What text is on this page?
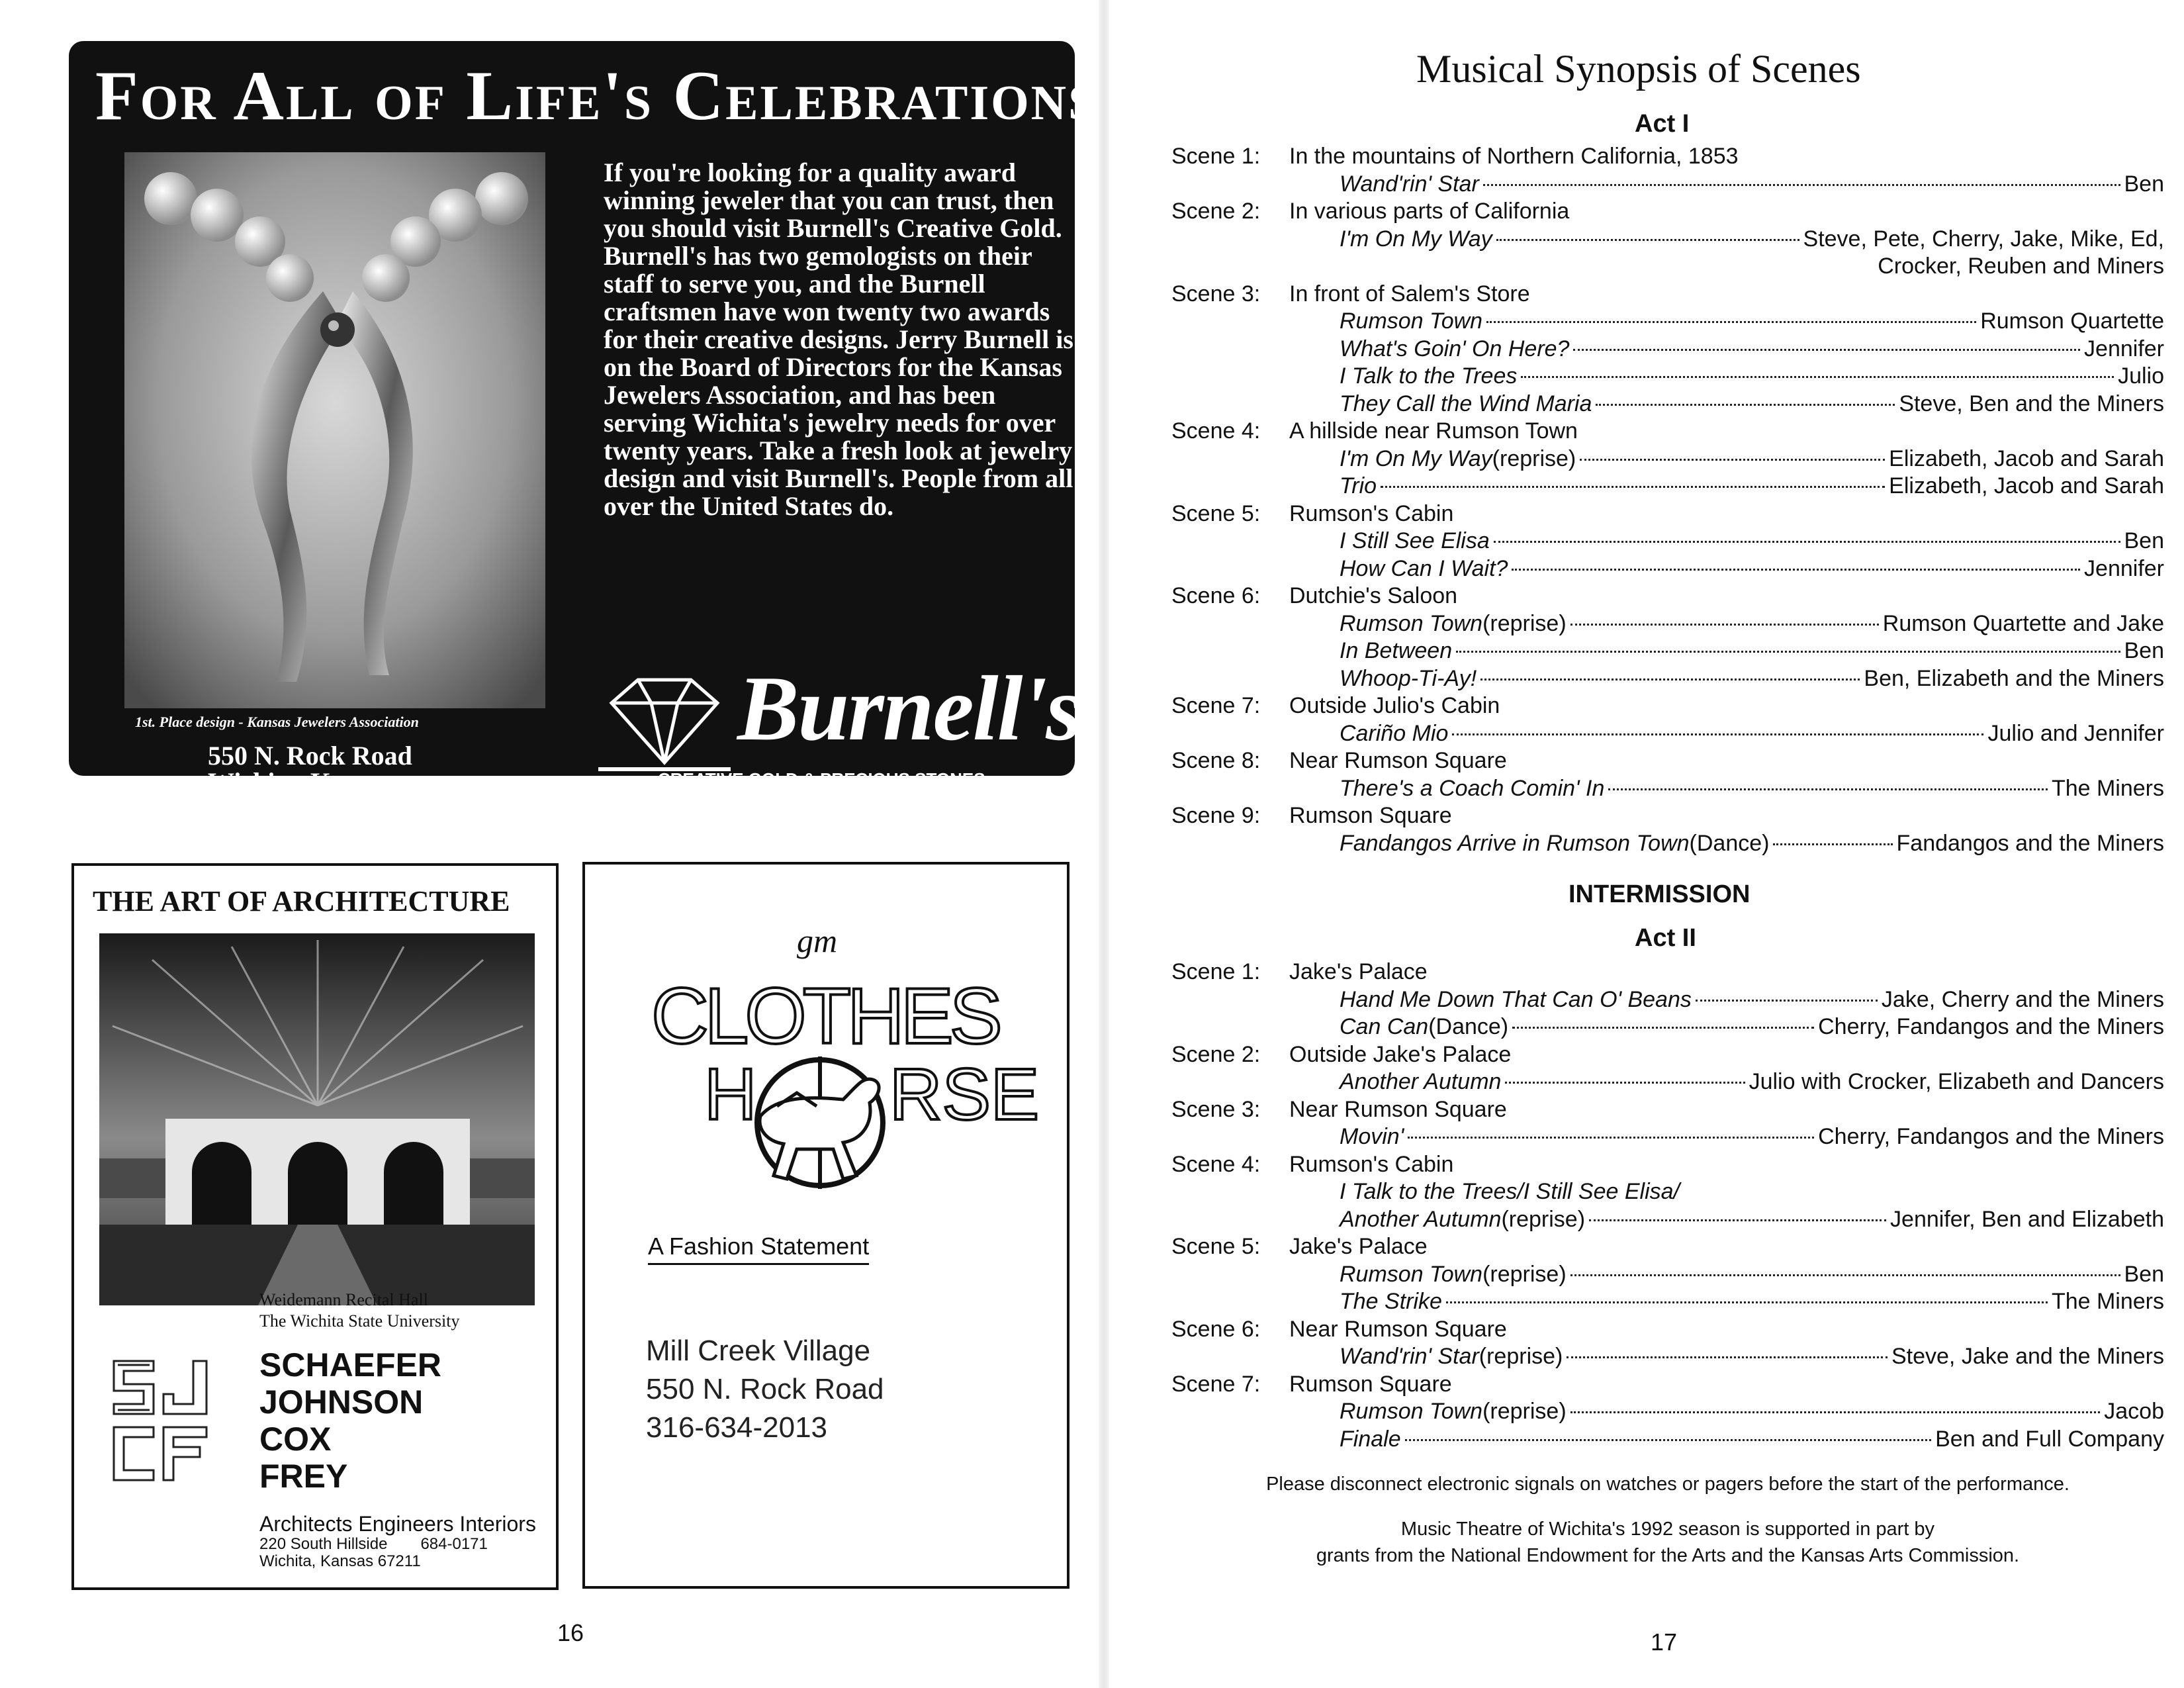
For All of Life's Celebrations
If you're looking for a quality award winning jeweler that you can trust, then you should visit Burnell's Creative Gold. Burnell's has two gemologists on their staff to serve you, and the Burnell craftsmen have won twenty two awards for their creative designs. Jerry Burnell is on the Board of Directors for the Kansas Jewelers Association, and has been serving Wichita's jewelry needs for over twenty years. Take a fresh look at jewelry design and visit Burnell's. People from all over the United States do.
1st. Place design - Kansas Jewelers Association
550 N. Rock Road
Wichita, Kansas
Burnell's
CREATIVE GOLD & PRECIOUS STONES
THE ART OF ARCHITECTURE
Weidemann Recital Hall
The Wichita State University
SCHAEFER
JOHNSON
COX
FREY
Architects Engineers Interiors
220 South Hillside 684-0171
Wichita, Kansas 67211
gm
CLOTHES
H RSE
A Fashion Statement
Mill Creek Village
550 N. Rock Road
316-634-2013
16
Musical Synopsis of Scenes
Act I
Scene 1: In the mountains of Northern California, 1853
Wand'rin' Star	Ben
Scene 2: In various parts of California
I'm On My Way	Steve, Pete, Cherry, Jake, Mike, Ed,
Crocker, Reuben and Miners
Scene 3: In front of Salem's Store
Rumson Town	Rumson Quartette
What's Goin' On Here?	Jennifer
I Talk to the Trees	Julio
They Call the Wind Maria	Steve, Ben and the Miners
Scene 4: A hillside near Rumson Town
I'm On My Way (reprise)	Elizabeth, Jacob and Sarah
Trio	Elizabeth, Jacob and Sarah
Scene 5: Rumson's Cabin
I Still See Elisa	Ben
How Can I Wait?	Jennifer
Scene 6: Dutchie's Saloon
Rumson Town (reprise)	Rumson Quartette and Jake
In Between	Ben
Whoop-Ti-Ay!	Ben, Elizabeth and the Miners
Scene 7: Outside Julio's Cabin
Cariño Mio	Julio and Jennifer
Scene 8: Near Rumson Square
There's a Coach Comin' In	The Miners
Scene 9: Rumson Square
Fandangos Arrive in Rumson Town (Dance)	Fandangos and the Miners
INTERMISSION
Act II
Scene 1: Jake's Palace
Hand Me Down That Can O' Beans	Jake, Cherry and the Miners
Can Can (Dance)	Cherry, Fandangos and the Miners
Scene 2: Outside Jake's Palace
Another Autumn	Julio with Crocker, Elizabeth and Dancers
Scene 3: Near Rumson Square
Movin'	Cherry, Fandangos and the Miners
Scene 4: Rumson's Cabin
I Talk to the Trees/I Still See Elisa/
Another Autumn (reprise)	Jennifer, Ben and Elizabeth
Scene 5: Jake's Palace
Rumson Town (reprise)	Ben
The Strike	The Miners
Scene 6: Near Rumson Square
Wand'rin' Star (reprise)	Steve, Jake and the Miners
Scene 7: Rumson Square
Rumson Town (reprise)	Jacob
Finale	Ben and Full Company
Please disconnect electronic signals on watches or pagers before the start of the performance.
Music Theatre of Wichita's 1992 season is supported in part by
grants from the National Endowment for the Arts and the Kansas Arts Commission.
17
